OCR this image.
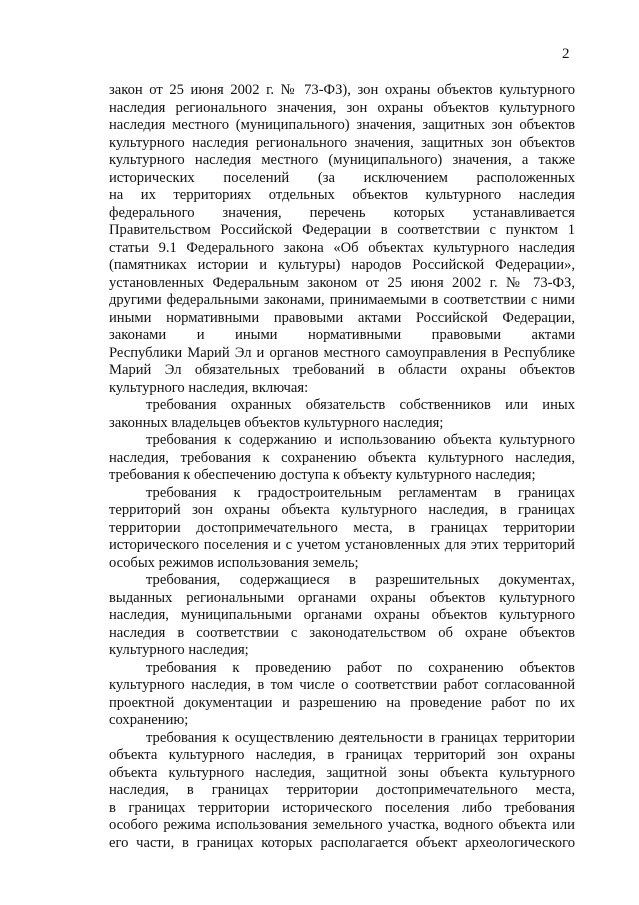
2
закон от 25 июня 2002 г. № 73-ФЗ), зон охраны объектов культурного
наследия регионального значения, зон охраны объектов культурного
наследия местного (муниципального) значения, защитных зон объектов
культурного наследия регионального значения, защитных зон объектов
культурного наследия местного (муниципального) значения, а также
исторических поселений (за исключением расположенных
на их территориях отдельных объектов культурного наследия
федерального значения, перечень которых устанавливается
Правительством Российской Федерации в соответствии с пунктом 1
статьи 9.1 Федерального закона «Об объектах культурного наследия
(памятниках истории и культуры) народов Российской Федерации»,
установленных Федеральным законом от 25 июня 2002 г. № 73-ФЗ,
другими федеральными законами, принимаемыми в соответствии с ними
иными нормативными правовыми актами Российской Федерации,
законами и иными нормативными правовыми актами
Республики Марий Эл и органов местного самоуправления в Республике
Марий Эл обязательных требований в области охраны объектов
культурного наследия, включая:
требования охранных обязательств собственников или иных
законных владельцев объектов культурного наследия;
требования к содержанию и использованию объекта культурного
наследия, требования к сохранению объекта культурного наследия,
требования к обеспечению доступа к объекту культурного наследия;
требования к градостроительным регламентам в границах
территорий зон охраны объекта культурного наследия, в границах
территории достопримечательного места, в границах территории
исторического поселения и с учетом установленных для этих территорий
особых режимов использования земель;
требования, содержащиеся в разрешительных документах,
выданных региональными органами охраны объектов культурного
наследия, муниципальными органами охраны объектов культурного
наследия в соответствии с законодательством об охране объектов
культурного наследия;
требования к проведению работ по сохранению объектов
культурного наследия, в том числе о соответствии работ согласованной
проектной документации и разрешению на проведение работ по их
сохранению;
требования к осуществлению деятельности в границах территории
объекта культурного наследия, в границах территорий зон охраны
объекта культурного наследия, защитной зоны объекта культурного
наследия, в границах территории достопримечательного места,
в границах территории исторического поселения либо требования
особого режима использования земельного участка, водного объекта или
его части, в границах которых располагается объект археологического
